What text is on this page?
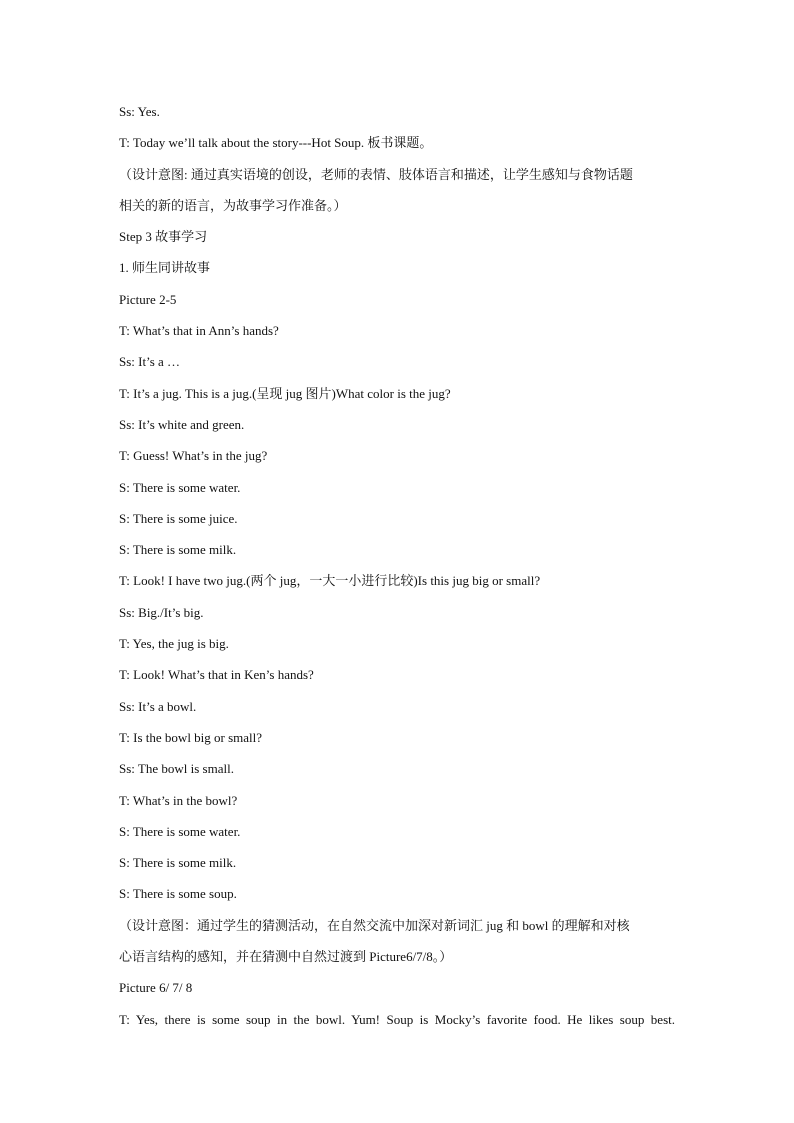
Ss: Yes.
T: Today we’ll talk about the story---Hot Soup. 板书课题。
（设计意图: 通过真实语境的创设，老师的表情、肢体语言和描述，让学生感知与食物话题
相关的新的语言，为故事学习作准备。）
Step 3 故事学习
1. 师生同讲故事
Picture 2-5
T: What’s that in Ann’s hands?
Ss: It’s a …
T: It’s a jug. This is a jug.(呈现 jug 图片)What color is the jug?
Ss: It’s white and green.
T: Guess! What’s in the jug?
S: There is some water.
S: There is some juice.
S: There is some milk.
T: Look! I have two jug.(两个 jug，一大一小进行比较)Is this jug big or small?
Ss: Big./It’s big.
T: Yes, the jug is big.
T: Look! What’s that in Ken’s hands?
Ss: It’s a bowl.
T: Is the bowl big or small?
Ss: The bowl is small.
T: What’s in the bowl?
S: There is some water.
S: There is some milk.
S: There is some soup.
（设计意图：通过学生的猜测活动，在自然交流中加深对新词汇 jug 和 bowl 的理解和对核
心语言结构的感知，并在猜测中自然过渡到 Picture6/7/8。）
Picture 6/ 7/ 8
T: Yes, there is some soup in the bowl. Yum! Soup is Mocky’s favorite food. He likes soup best.
